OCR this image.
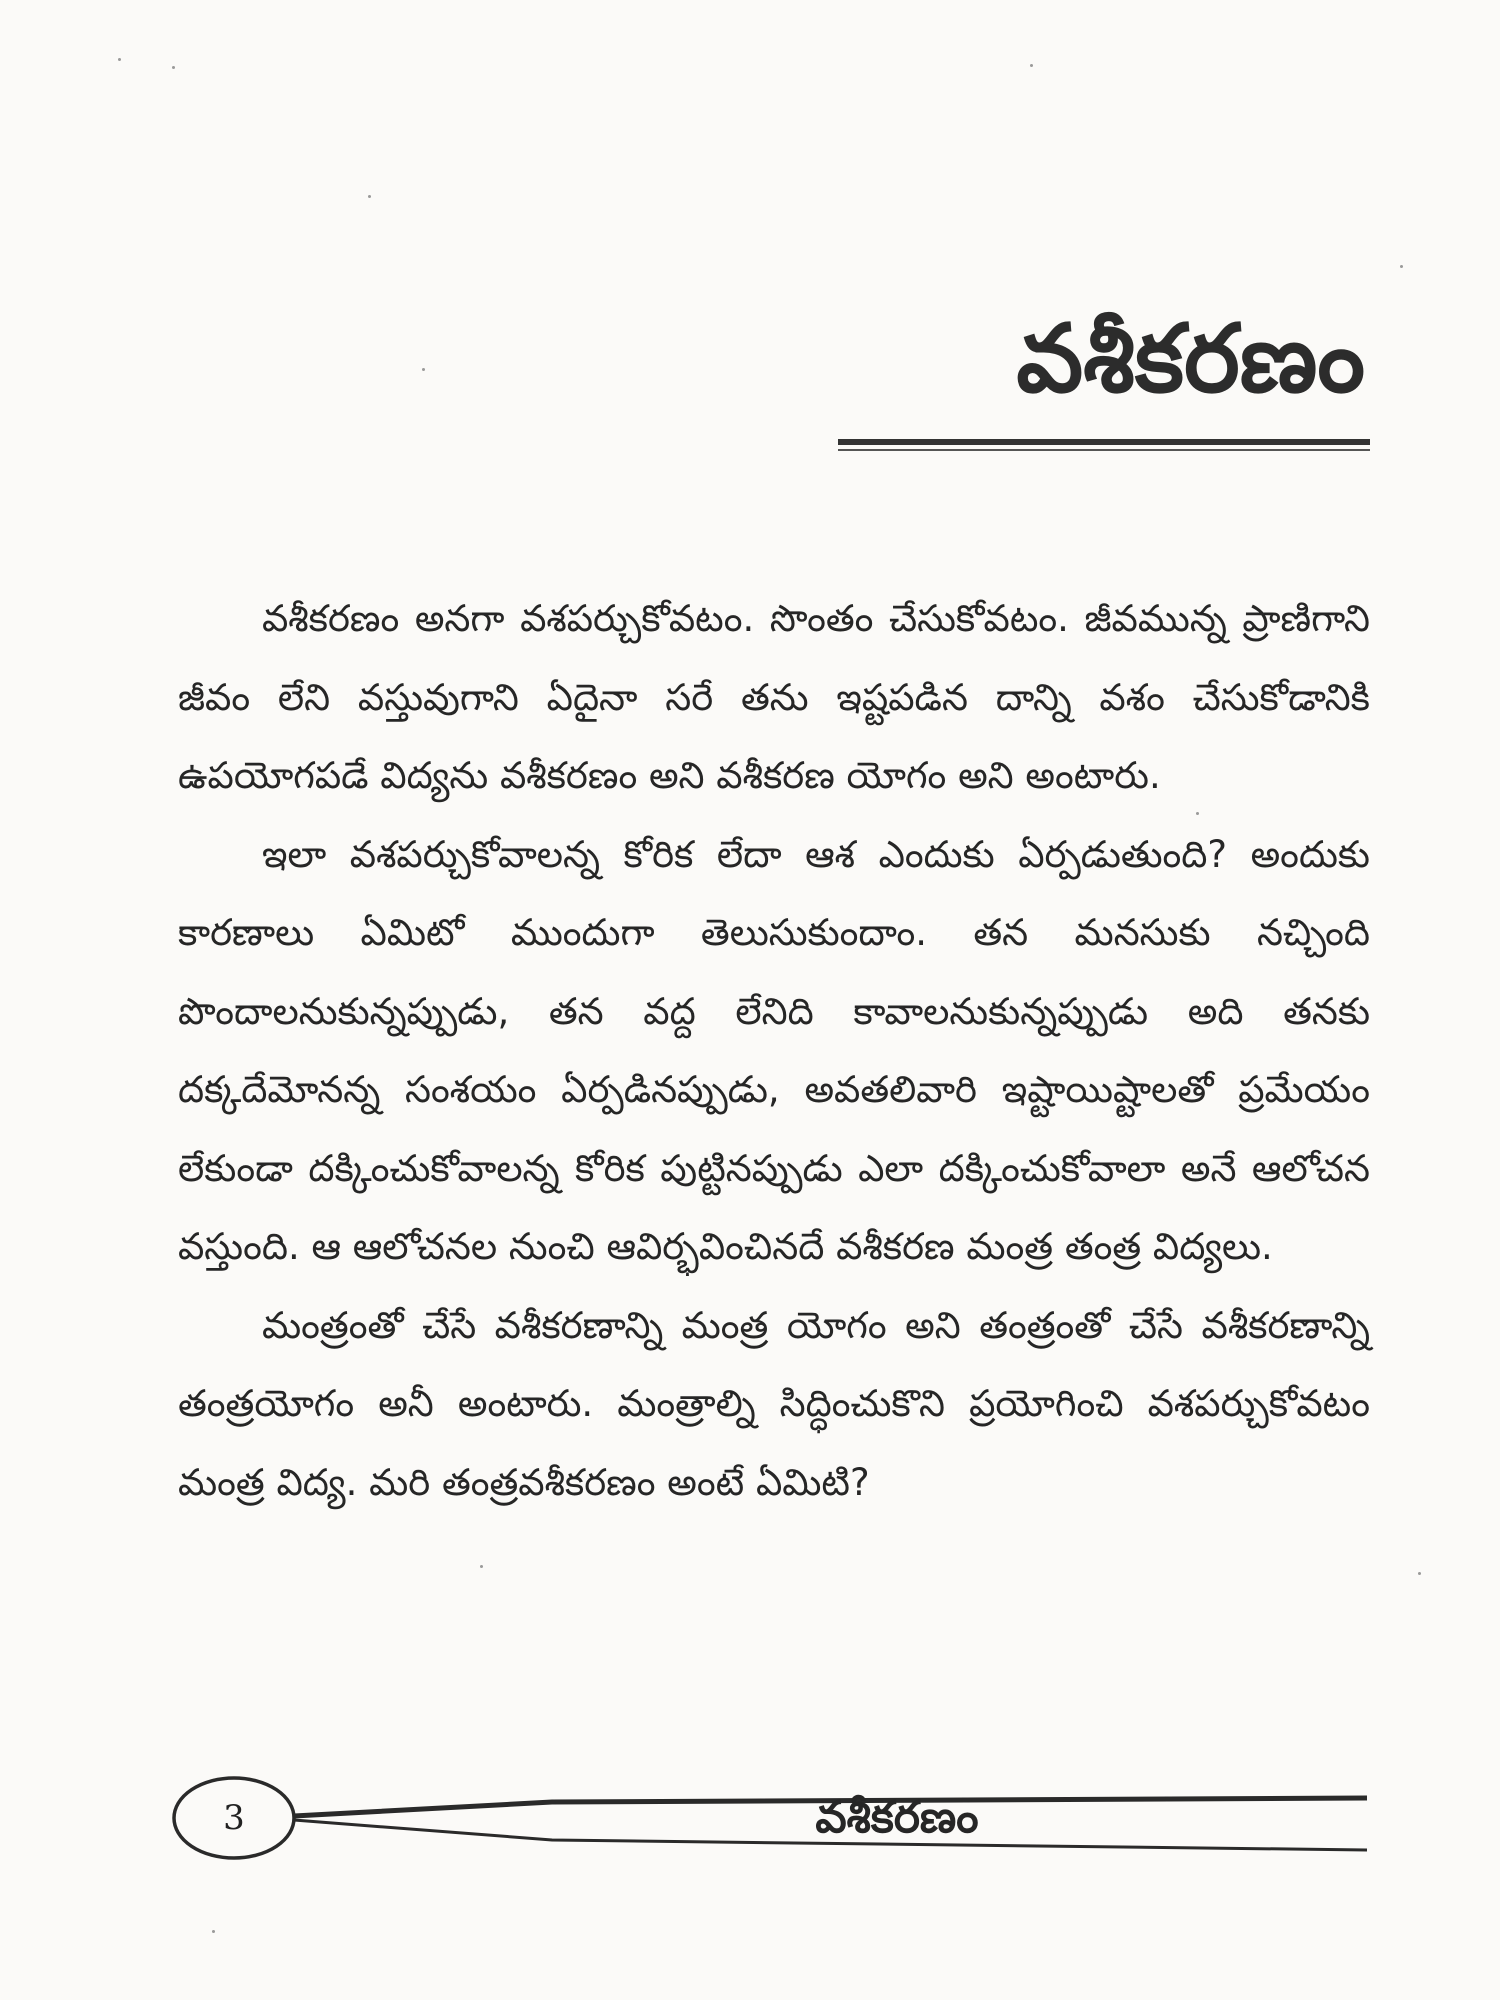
వశీకరణం

వశీకరణం అనగా వశపర్చుకోవటం. సొంతం చేసుకోవటం. జీవమున్న ప్రాణిగాని జీవం లేని వస్తువుగాని ఏదైనా సరే తను ఇష్టపడిన దాన్ని వశం చేసుకోడానికి ఉపయోగపడే విద్యను వశీకరణం అని వశీకరణ యోగం అని అంటారు.

ఇలా వశపర్చుకోవాలన్న కోరిక లేదా ఆశ ఎందుకు ఏర్పడుతుంది? అందుకు కారణాలు ఏమిటో ముందుగా తెలుసుకుందాం. తన మనసుకు నచ్చింది పొందాలనుకున్నప్పుడు, తన వద్ద లేనిది కావాలనుకున్నప్పుడు అది తనకు దక్కదేమోనన్న సంశయం ఏర్పడినప్పుడు, అవతలివారి ఇష్టాయిష్టాలతో ప్రమేయం లేకుండా దక్కించుకోవాలన్న కోరిక పుట్టినప్పుడు ఎలా దక్కించుకోవాలా అనే ఆలోచన వస్తుంది. ఆ ఆలోచనల నుంచి ఆవిర్భవించినదే వశీకరణ మంత్ర తంత్ర విద్యలు.

మంత్రంతో చేసే వశీకరణాన్ని మంత్ర యోగం అని తంత్రంతో చేసే వశీకరణాన్ని తంత్రయోగం అనీ అంటారు. మంత్రాల్ని సిద్ధించుకొని ప్రయోగించి వశపర్చుకోవటం మంత్ర విద్య. మరి తంత్రవశీకరణం అంటే ఏమిటి?

3	వశీకరణం
